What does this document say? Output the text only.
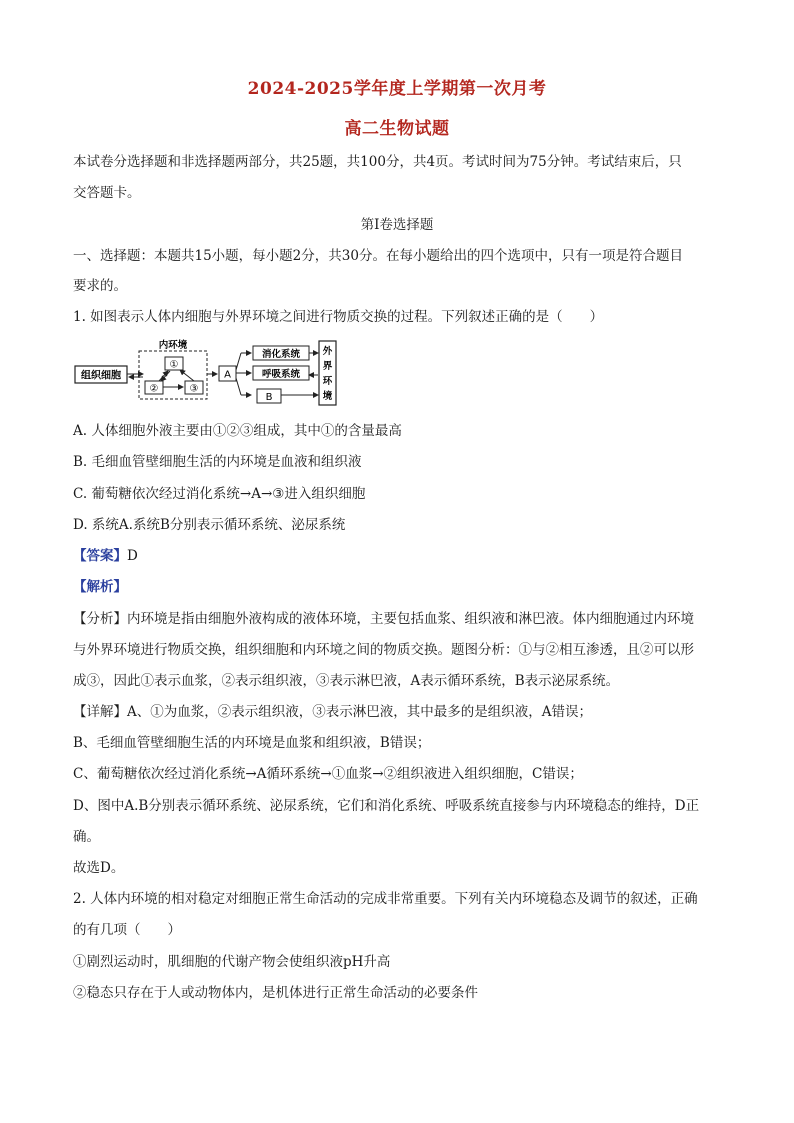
2024-2025学年度上学期第一次月考
高二生物试题
本试卷分选择题和非选择题两部分，共25题，共100分，共4页。考试时间为75分钟。考试结束后，只
交答题卡。
第Ⅰ卷选择题
一、选择题：本题共15小题，每小题2分，共30分。在每小题给出的四个选项中，只有一项是符合题目
要求的。
1. 如图表示人体内细胞与外界环境之间进行物质交换的过程。下列叙述正确的是（　　）
组织细胞
内环境
①
②	③
A
消化系统
呼吸系统
B
外
界
环
境
A. 人体细胞外液主要由①②③组成，其中①的含量最高
B. 毛细血管壁细胞生活的内环境是血液和组织液
C. 葡萄糖依次经过消化系统→A→③进入组织细胞
D. 系统A.系统B分别表示循环系统、泌尿系统
【答案】D
【解析】
【分析】内环境是指由细胞外液构成的液体环境，主要包括血浆、组织液和淋巴液。体内细胞通过内环境
与外界环境进行物质交换，组织细胞和内环境之间的物质交换。题图分析：①与②相互渗透，且②可以形
成③，因此①表示血浆，②表示组织液，③表示淋巴液，A表示循环系统，B表示泌尿系统。
【详解】A、①为血浆，②表示组织液，③表示淋巴液，其中最多的是组织液，A错误；
B、毛细血管壁细胞生活的内环境是血浆和组织液，B错误；
C、葡萄糖依次经过消化系统→A循环系统→①血浆→②组织液进入组织细胞，C错误；
D、图中A.B分别表示循环系统、泌尿系统，它们和消化系统、呼吸系统直接参与内环境稳态的维持，D正
确。
故选D。
2. 人体内环境的相对稳定对细胞正常生命活动的完成非常重要。下列有关内环境稳态及调节的叙述，正确
的有几项（　　）
①剧烈运动时，肌细胞的代谢产物会使组织液pH升高
②稳态只存在于人或动物体内，是机体进行正常生命活动的必要条件
